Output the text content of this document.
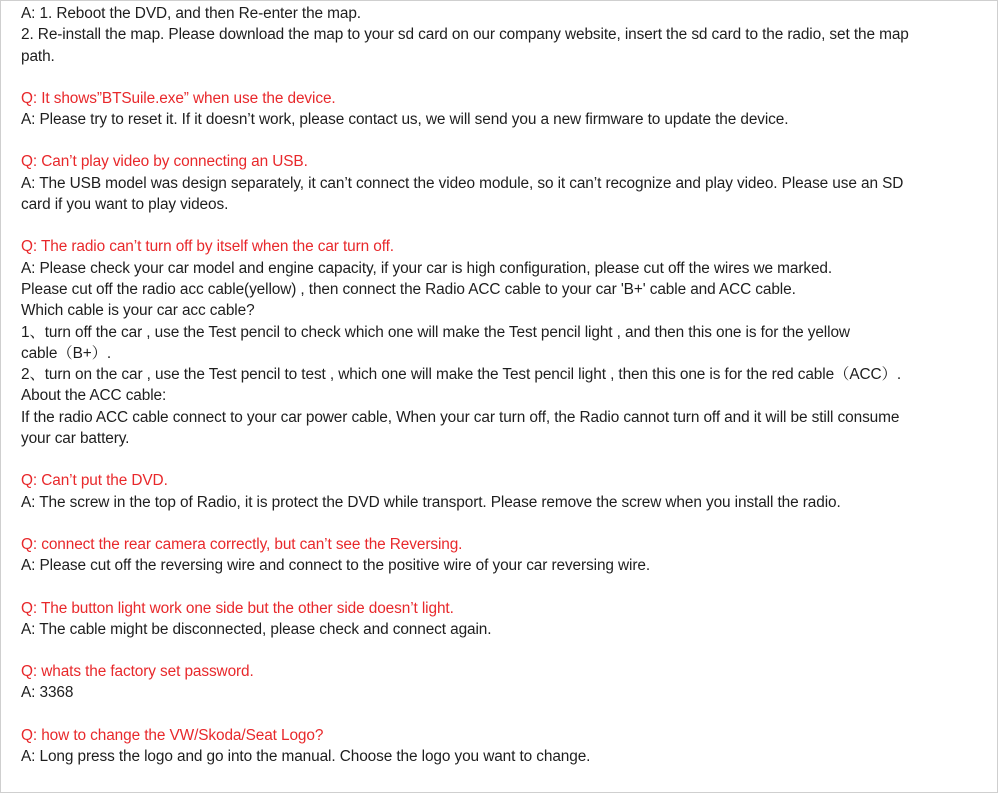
A: 1. Reboot the DVD, and then Re-enter the map.
2. Re-install the map. Please download the map to your sd card on our company website, insert the sd card to the radio, set the map
path.
Q: It shows”BTSuile.exe” when use the device.
A: Please try to reset it. If it doesn’t work, please contact us, we will send you a new firmware to update the device.
Q: Can’t play video by connecting an USB.
A: The USB model was design separately, it can’t connect the video module, so it can’t recognize and play video. Please use an SD
card if you want to play videos.
Q: The radio can’t turn off by itself when the car turn off.
A: Please check your car model and engine capacity, if your car is high configuration, please cut off the wires we marked.
Please cut off the radio acc cable(yellow) , then connect the Radio ACC cable to your car 'B+' cable and ACC cable.
Which cable is your car acc cable?
1、turn off the car , use the Test pencil to check which one will make the Test pencil light , and then this one is for the yellow
cable（B+）.
2、turn on the car , use the Test pencil to test , which one will make the Test pencil light , then this one is for the red cable（ACC）.
About the ACC cable:
If the radio ACC cable connect to your car power cable, When your car turn off, the Radio cannot turn off and it will be still consume
your car battery.
Q: Can’t put the DVD.
A: The screw in the top of Radio, it is protect the DVD while transport. Please remove the screw when you install the radio.
Q: connect the rear camera correctly, but can’t see the Reversing.
A: Please cut off the reversing wire and connect to the positive wire of your car reversing wire.
Q: The button light work one side but the other side doesn’t light.
A: The cable might be disconnected, please check and connect again.
Q: whats the factory set password.
A: 3368
Q: how to change the VW/Skoda/Seat Logo?
A: Long press the logo and go into the manual. Choose the logo you want to change.
